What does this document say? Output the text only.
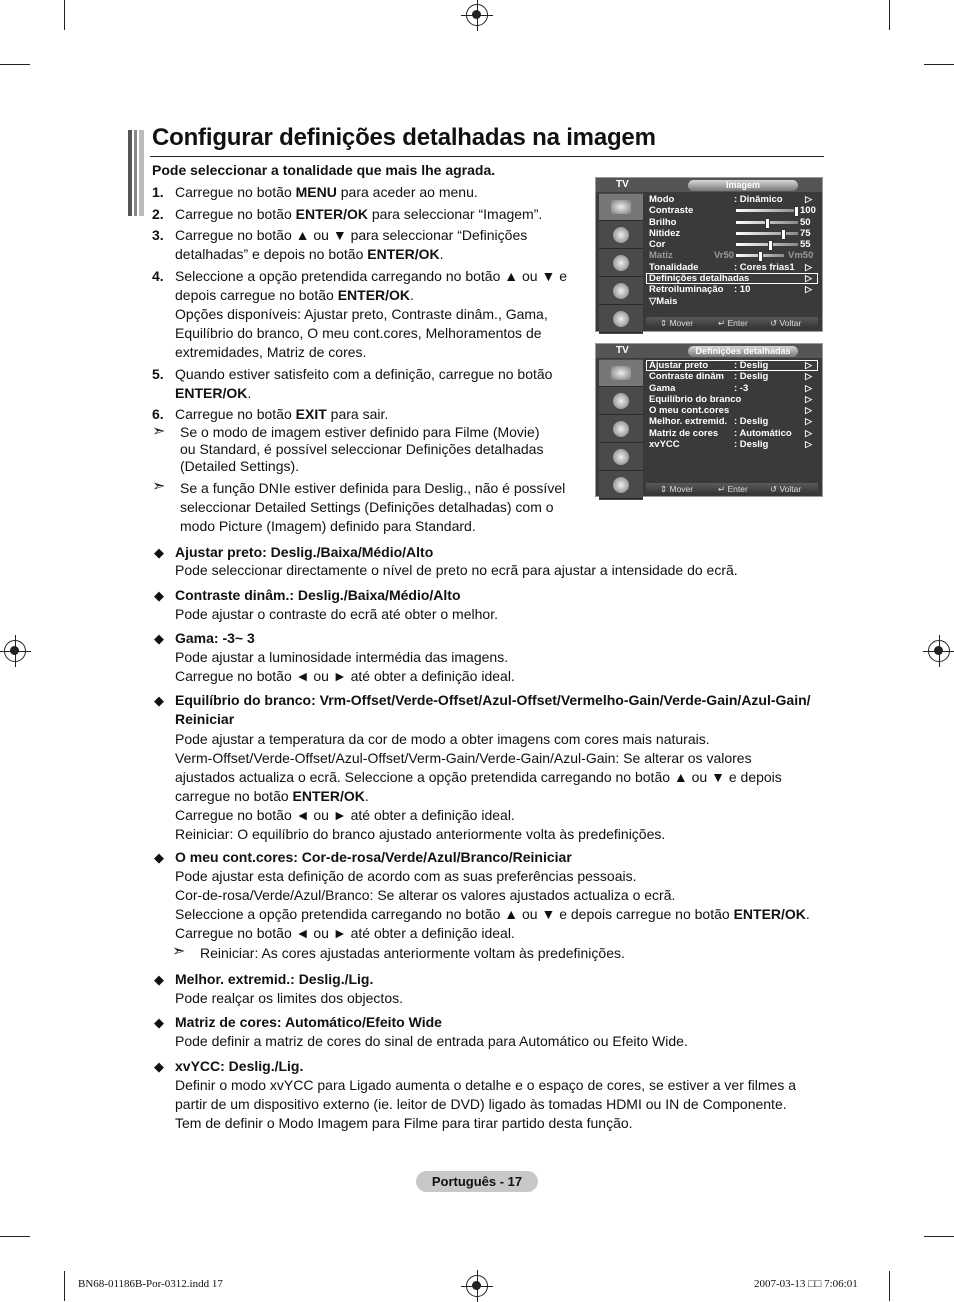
Configurar definições detalhadas na imagem
Pode seleccionar a tonalidade que mais lhe agrada.
1. Carregue no botão MENU para aceder ao menu.
2. Carregue no botão ENTER/OK para seleccionar “Imagem”.
3. Carregue no botão ▲ ou ▼ para seleccionar “Definições
detalhadas” e depois no botão ENTER/OK.
4. Seleccione a opção pretendida carregando no botão ▲ ou ▼ e
depois carregue no botão ENTER/OK.
Opções disponíveis: Ajustar preto, Contraste dinâm., Gama,
Equilíbrio do branco, O meu cont.cores, Melhoramentos de
extremidades, Matriz de cores.
5. Quando estiver satisfeito com a definição, carregue no botão
ENTER/OK.
6. Carregue no botão EXIT para sair.
➣ Se o modo de imagem estiver definido para Filme (Movie)
ou Standard, é possível seleccionar Definições detalhadas
(Detailed Settings).
➣ Se a função DNIe estiver definida para Deslig., não é possível
seleccionar Detailed Settings (Definições detalhadas) com o
modo Picture (Imagem) definido para Standard.
TV	Imagem
Modo	: Dinâmico	▷
Contraste	100
Brilho	50
Nitidez	75
Cor	55
Matiz	Vr50	Vm50
Tonalidade	: Cores frias1 ▷
Definições detalhadas	▷
Retroiluminação : 10	▷
▽Mais
⇕ Mover	↵ Enter	↺ Voltar
TV	Definições detalhadas
Ajustar preto	: Deslig	▷
Contraste dinâm : Deslig	▷
Gama	: -3	▷
Equilíbrio do branco	▷
O meu cont.cores	▷
Melhor. extremid. : Deslig	▷
Matriz de cores : Automático ▷
xvYCC	: Deslig	▷
⇕ Mover	↵ Enter	↺ Voltar
◆ Ajustar preto: Deslig./Baixa/Médio/Alto
Pode seleccionar directamente o nível de preto no ecrã para ajustar a intensidade do ecrã.
◆ Contraste dinâm.: Deslig./Baixa/Médio/Alto
Pode ajustar o contraste do ecrã até obter o melhor.
◆ Gama: -3~ 3
Pode ajustar a luminosidade intermédia das imagens.
Carregue no botão ◄ ou ► até obter a definição ideal.
◆ Equilíbrio do branco: Vrm-Offset/Verde-Offset/Azul-Offset/Vermelho-Gain/Verde-Gain/Azul-Gain/
Reiniciar
Pode ajustar a temperatura da cor de modo a obter imagens com cores mais naturais.
Verm-Offset/Verde-Offset/Azul-Offset/Verm-Gain/Verde-Gain/Azul-Gain: Se alterar os valores
ajustados actualiza o ecrã. Seleccione a opção pretendida carregando no botão ▲ ou ▼ e depois
carregue no botão ENTER/OK.
Carregue no botão ◄ ou ► até obter a definição ideal.
Reiniciar: O equilíbrio do branco ajustado anteriormente volta às predefinições.
◆ O meu cont.cores: Cor-de-rosa/Verde/Azul/Branco/Reiniciar
Pode ajustar esta definição de acordo com as suas preferências pessoais.
Cor-de-rosa/Verde/Azul/Branco: Se alterar os valores ajustados actualiza o ecrã.
Seleccione a opção pretendida carregando no botão ▲ ou ▼ e depois carregue no botão ENTER/OK.
Carregue no botão ◄ ou ► até obter a definição ideal.
➣ Reiniciar: As cores ajustadas anteriormente voltam às predefinições.
◆ Melhor. extremid.: Deslig./Lig.
Pode realçar os limites dos objectos.
◆ Matriz de cores: Automático/Efeito Wide
Pode definir a matriz de cores do sinal de entrada para Automático ou Efeito Wide.
◆ xvYCC: Deslig./Lig.
Definir o modo xvYCC para Ligado aumenta o detalhe e o espaço de cores, se estiver a ver filmes a
partir de um dispositivo externo (ie. leitor de DVD) ligado às tomadas HDMI ou IN de Componente.
Tem de definir o Modo Imagem para Filme para tirar partido desta função.
Português - 17
BN68-01186B-Por-0312.indd 17	2007-03-13 □□ 7:06:01
